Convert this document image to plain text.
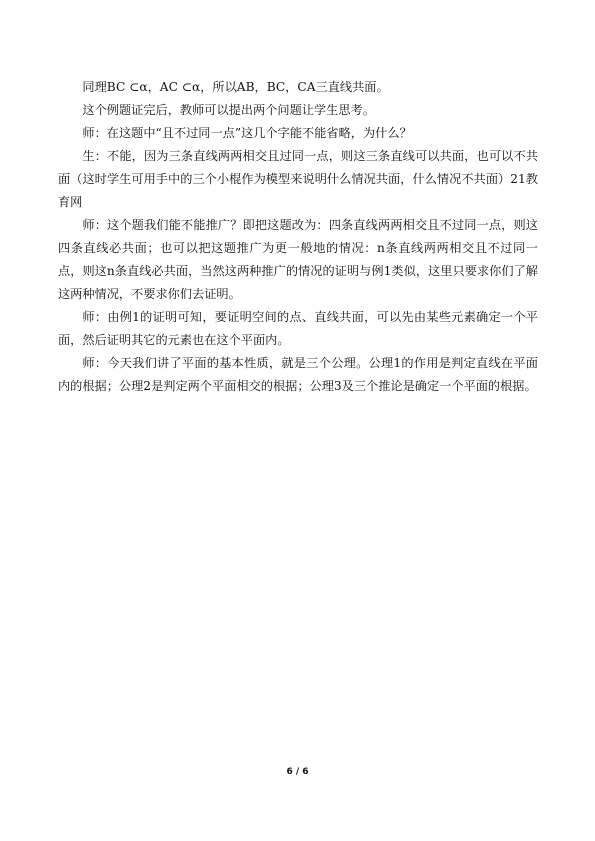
同理BC ⊂α，AC ⊂α，所以AB，BC，CA三直线共面。

这个例题证完后，教师可以提出两个问题让学生思考。

师：在这题中“且不过同一点”这几个字能不能省略，为什么？

生：不能，因为三条直线两两相交且过同一点，则这三条直线可以共面，也可以不共面（这时学生可用手中的三个小棍作为模型来说明什么情况共面，什么情况不共面）21教育网

师：这个题我们能不能推广？即把这题改为：四条直线两两相交且不过同一点，则这四条直线必共面；也可以把这题推广为更一般地的情况：n条直线两两相交且不过同一点，则这n条直线必共面，当然这两种推广的情况的证明与例1类似，这里只要求你们了解这两种情况，不要求你们去证明。

师：由例1的证明可知，要证明空间的点、直线共面，可以先由某些元素确定一个平面，然后证明其它的元素也在这个平面内。

师：今天我们讲了平面的基本性质，就是三个公理。公理1的作用是判定直线在平面内的根据；公理2是判定两个平面相交的根据；公理3及三个推论是确定一个平面的根据。

6 / 6
